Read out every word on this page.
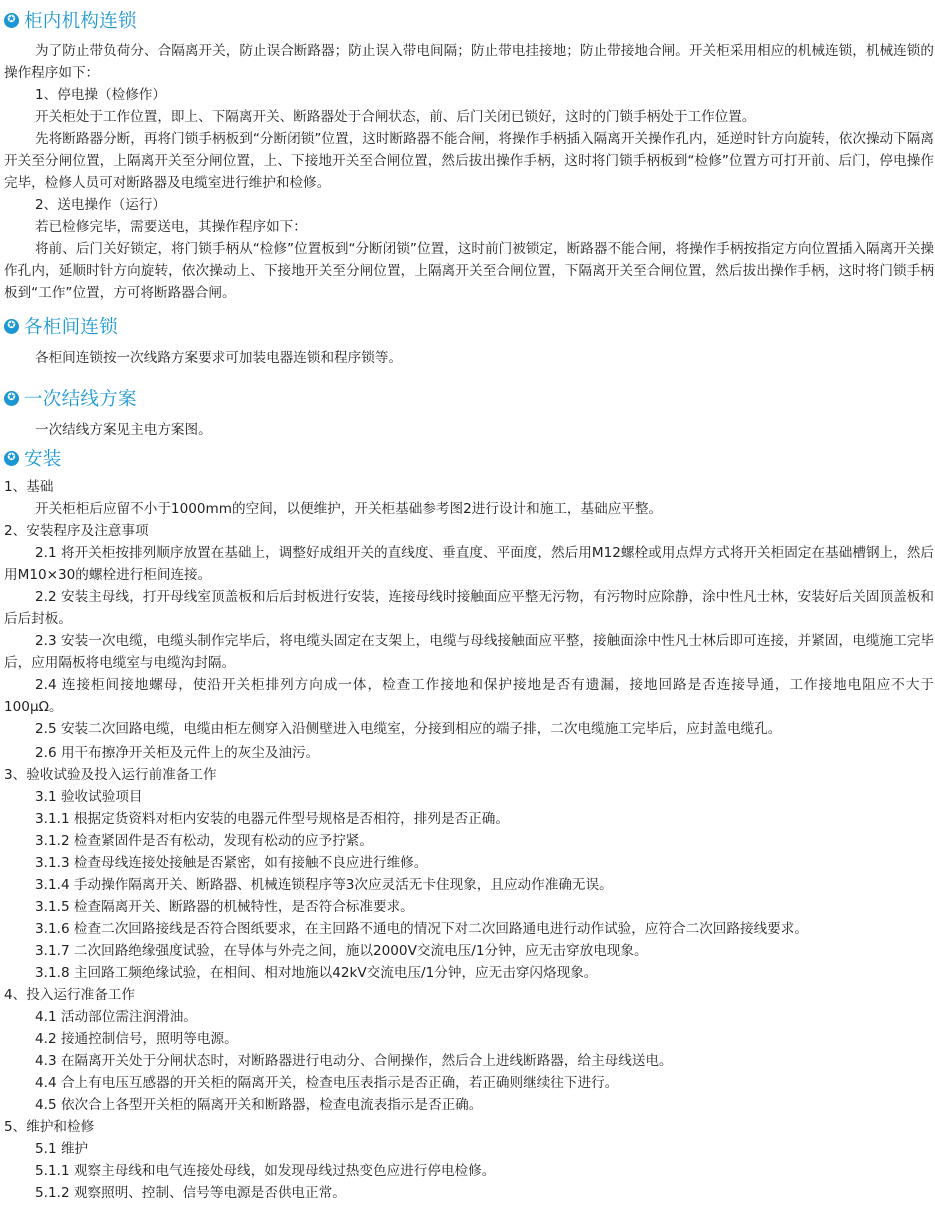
✪ 柜内机构连锁
为了防止带负荷分、合隔离开关，防止误合断路器；防止误入带电间隔；防止带电挂接地；防止带接地合闸。开关柜采用相应的机械连锁，机械连锁的操作程序如下：
1、停电操（检修作）
开关柜处于工作位置，即上、下隔离开关、断路器处于合闸状态，前、后门关闭已锁好，这时的门锁手柄处于工作位置。
先将断路器分断，再将门锁手柄板到“分断闭锁”位置，这时断路器不能合闸，将操作手柄插入隔离开关操作孔内，延逆时针方向旋转，依次操动下隔离开关至分闸位置，上隔离开关至分闸位置，上、下接地开关至合闸位置，然后拔出操作手柄，这时将门锁手柄板到“检修”位置方可打开前、后门，停电操作完毕，检修人员可对断路器及电缆室进行维护和检修。
2、送电操作（运行）
若已检修完毕，需要送电，其操作程序如下：
将前、后门关好锁定，将门锁手柄从“检修”位置板到“分断闭锁”位置，这时前门被锁定，断路器不能合闸，将操作手柄按指定方向位置插入隔离开关操作孔内，延顺时针方向旋转，依次操动上、下接地开关至分闸位置，上隔离开关至合闸位置，下隔离开关至合闸位置，然后拔出操作手柄，这时将门锁手柄板到“工作”位置，方可将断路器合闸。
✪ 各柜间连锁
各柜间连锁按一次线路方案要求可加装电器连锁和程序锁等。
✪ 一次结线方案
一次结线方案见主电方案图。
✪ 安装
1、基础
开关柜柜后应留不小于1000mm的空间，以便维护，开关柜基础参考图2进行设计和施工，基础应平整。
2、安装程序及注意事项
2.1 将开关柜按排列顺序放置在基础上，调整好成组开关的直线度、垂直度、平面度，然后用M12螺栓或用点焊方式将开关柜固定在基础槽钢上，然后用M10×30的螺栓进行柜间连接。
2.2 安装主母线，打开母线室顶盖板和后后封板进行安装，连接母线时接触面应平整无污物，有污物时应除静，涂中性凡士林，安装好后关固顶盖板和后后封板。
2.3 安装一次电缆，电缆头制作完毕后，将电缆头固定在支架上，电缆与母线接触面应平整，接触面涂中性凡士林后即可连接，并紧固，电缆施工完毕后，应用隔板将电缆室与电缆沟封隔。
2.4 连接柜间接地螺母，使沿开关柜排列方向成一体，检查工作接地和保护接地是否有遗漏，接地回路是否连接导通，工作接地电阻应不大于100μΩ。
2.5 安装二次回路电缆，电缆由柜左侧穿入沿侧壁进入电缆室，分接到相应的端子排，二次电缆施工完毕后，应封盖电缆孔。
2.6 用干布擦净开关柜及元件上的灰尘及油污。
3、验收试验及投入运行前准备工作
3.1 验收试验项目
3.1.1 根据定货资料对柜内安装的电器元件型号规格是否相符，排列是否正确。
3.1.2 检查紧固件是否有松动，发现有松动的应予拧紧。
3.1.3 检查母线连接处接触是否紧密，如有接触不良应进行维修。
3.1.4 手动操作隔离开关、断路器、机械连锁程序等3次应灵活无卡住现象，且应动作准确无误。
3.1.5 检查隔离开关、断路器的机械特性，是否符合标准要求。
3.1.6 检查二次回路接线是否符合图纸要求，在主回路不通电的情况下对二次回路通电进行动作试验，应符合二次回路接线要求。
3.1.7 二次回路绝缘强度试验，在导体与外壳之间，施以2000V交流电压/1分钟，应无击穿放电现象。
3.1.8 主回路工频绝缘试验，在相间、相对地施以42kV交流电压/1分钟，应无击穿闪烙现象。
4、投入运行准备工作
4.1 活动部位需注润滑油。
4.2 接通控制信号，照明等电源。
4.3 在隔离开关处于分闸状态时，对断路器进行电动分、合闸操作，然后合上进线断路器，给主母线送电。
4.4 合上有电压互感器的开关柜的隔离开关，检查电压表指示是否正确，若正确则继续往下进行。
4.5 依次合上各型开关柜的隔离开关和断路器，检查电流表指示是否正确。
5、维护和检修
5.1 维护
5.1.1 观察主母线和电气连接处母线，如发现母线过热变色应进行停电检修。
5.1.2 观察照明、控制、信号等电源是否供电正常。
